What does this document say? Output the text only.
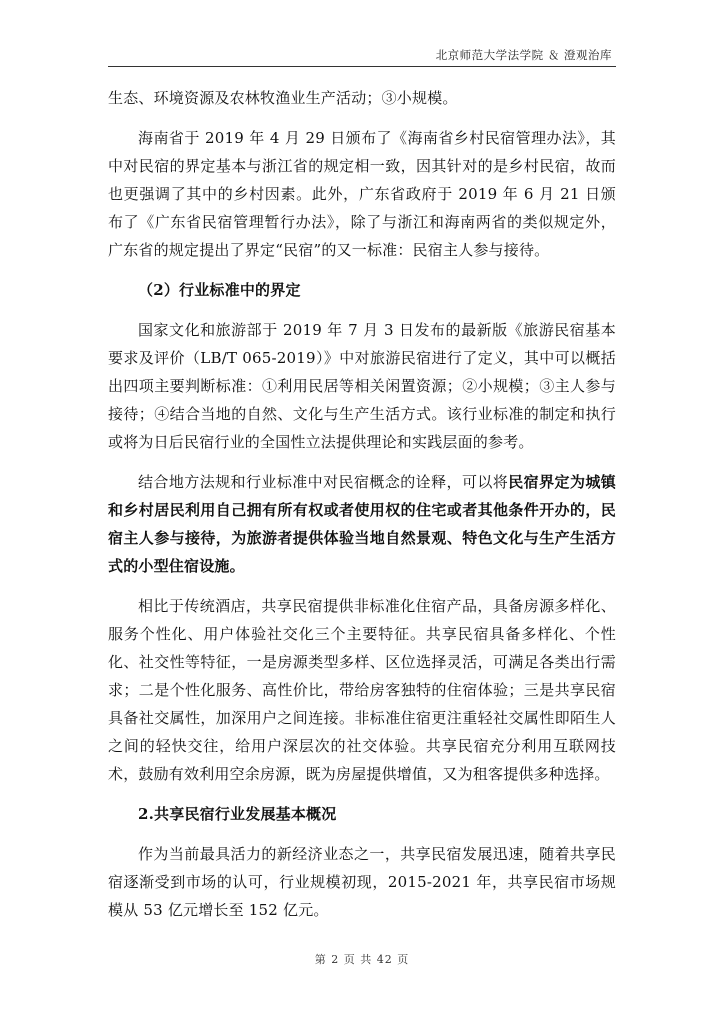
北京师范大学法学院 ＆ 澄观治库

生态、环境资源及农林牧渔业生产活动；③小规模。

海南省于 2019 年 4 月 29 日颁布了《海南省乡村民宿管理办法》，其中对民宿的界定基本与浙江省的规定相一致，因其针对的是乡村民宿，故而也更强调了其中的乡村因素。此外，广东省政府于 2019 年 6 月 21 日颁布了《广东省民宿管理暂行办法》，除了与浙江和海南两省的类似规定外，广东省的规定提出了界定“民宿”的又一标准：民宿主人参与接待。

（2）行业标准中的界定

国家文化和旅游部于 2019 年 7 月 3 日发布的最新版《旅游民宿基本要求及评价（LB/T 065-2019）》中对旅游民宿进行了定义，其中可以概括出四项主要判断标准：①利用民居等相关闲置资源；②小规模；③主人参与接待；④结合当地的自然、文化与生产生活方式。该行业标准的制定和执行或将为日后民宿行业的全国性立法提供理论和实践层面的参考。

结合地方法规和行业标准中对民宿概念的诠释，可以将民宿界定为城镇和乡村居民利用自己拥有所有权或者使用权的住宅或者其他条件开办的，民宿主人参与接待，为旅游者提供体验当地自然景观、特色文化与生产生活方式的小型住宿设施。

相比于传统酒店，共享民宿提供非标准化住宿产品，具备房源多样化、服务个性化、用户体验社交化三个主要特征。共享民宿具备多样化、个性化、社交性等特征，一是房源类型多样、区位选择灵活，可满足各类出行需求；二是个性化服务、高性价比，带给房客独特的住宿体验；三是共享民宿具备社交属性，加深用户之间连接。非标准住宿更注重轻社交属性即陌生人之间的轻快交往，给用户深层次的社交体验。共享民宿充分利用互联网技术，鼓励有效利用空余房源，既为房屋提供增值，又为租客提供多种选择。

2.共享民宿行业发展基本概况

作为当前最具活力的新经济业态之一，共享民宿发展迅速，随着共享民宿逐渐受到市场的认可，行业规模初现，2015-2021 年，共享民宿市场规模从 53 亿元增长至 152 亿元。

第 2 页 共 42 页
